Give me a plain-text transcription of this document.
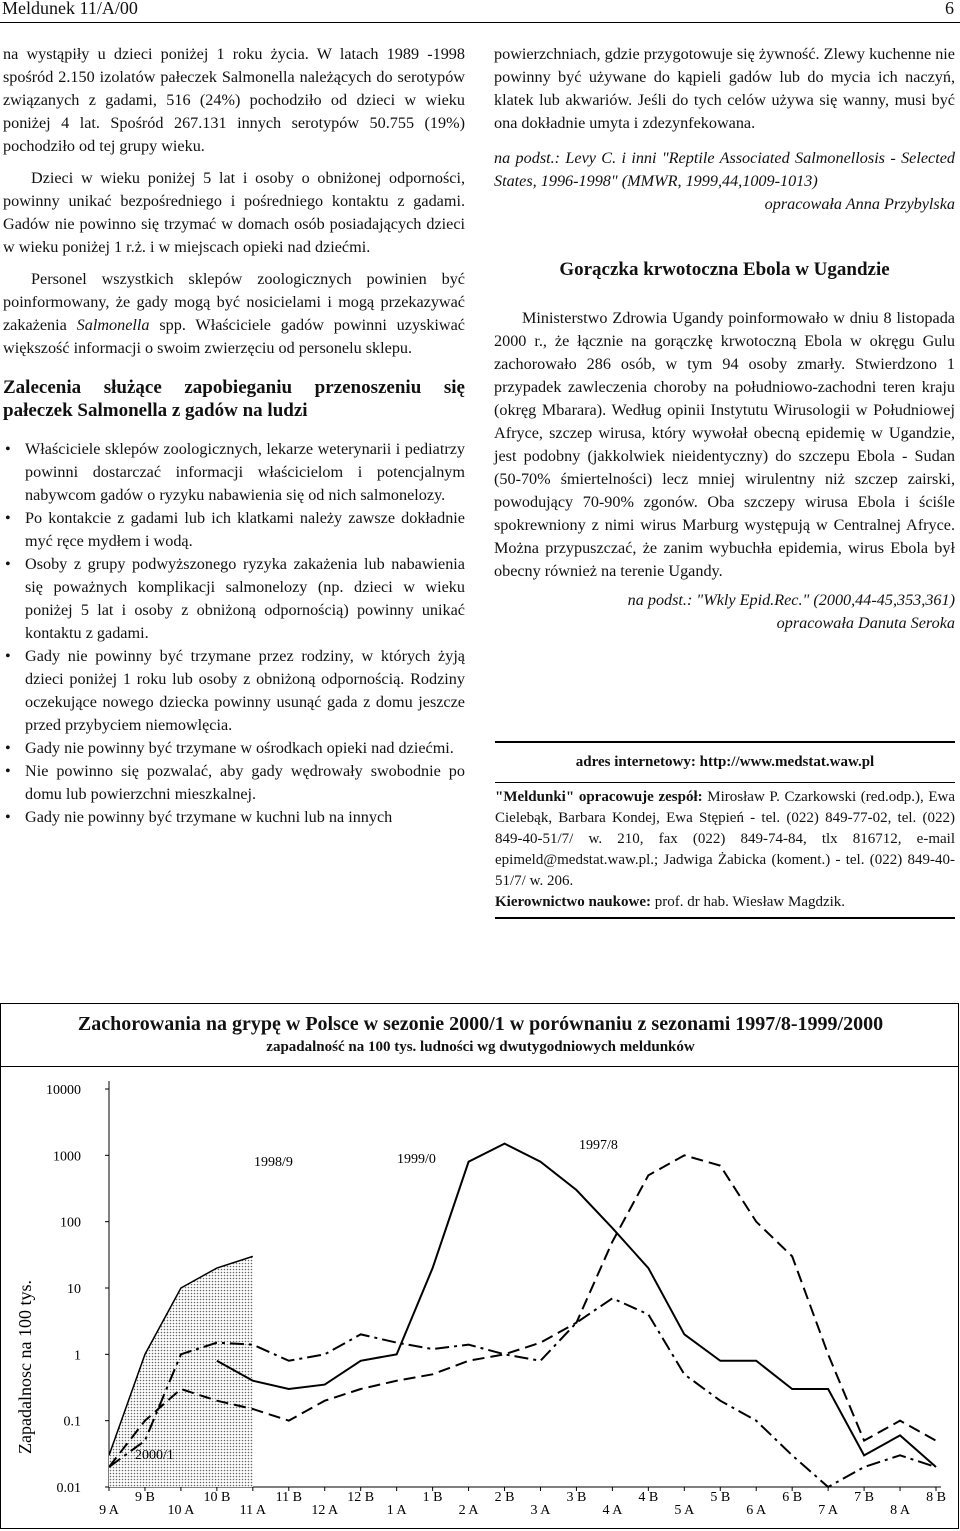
Meldunek 11/A/00	6

na wystąpiły u dzieci poniżej 1 roku życia. W latach 1989 -1998 spośród 2.150 izolatów pałeczek Salmonella należących do serotypów związanych z gadami, 516 (24%) pochodziło od dzieci w wieku poniżej 4 lat. Spośród 267.131 innych serotypów 50.755 (19%) pochodziło od tej grupy wieku.

Dzieci w wieku poniżej 5 lat i osoby o obniżonej odporności, powinny unikać bezpośredniego i pośredniego kontaktu z gadami. Gadów nie powinno się trzymać w domach osób posiadających dzieci w wieku poniżej 1 r.ż. i w miejscach opieki nad dziećmi.

Personel wszystkich sklepów zoologicznych powinien być poinformowany, że gady mogą być nosicielami i mogą przekazywać zakażenia Salmonella spp. Właściciele gadów powinni uzyskiwać większość informacji o swoim zwierzęciu od personelu sklepu.

Zalecenia służące zapobieganiu przenoszeniu się pałeczek Salmonella z gadów na ludzi

• Właściciele sklepów zoologicznych, lekarze weterynarii i pediatrzy powinni dostarczać informacji właścicielom i potencjalnym nabywcom gadów o ryzyku nabawienia się od nich salmonelozy.
• Po kontakcie z gadami lub ich klatkami należy zawsze dokładnie myć ręce mydłem i wodą.
• Osoby z grupy podwyższonego ryzyka zakażenia lub nabawienia się poważnych komplikacji salmonelozy (np. dzieci w wieku poniżej 5 lat i osoby z obniżoną odpornością) powinny unikać kontaktu z gadami.
• Gady nie powinny być trzymane przez rodziny, w których żyją dzieci poniżej 1 roku lub osoby z obniżoną odpornością. Rodziny oczekujące nowego dziecka powinny usunąć gada z domu jeszcze przed przybyciem niemowlęcia.
• Gady nie powinny być trzymane w ośrodkach opieki nad dziećmi.
• Nie powinno się pozwalać, aby gady wędrowały swobodnie po domu lub powierzchni mieszkalnej.
• Gady nie powinny być trzymane w kuchni lub na innych

powierzchniach, gdzie przygotowuje się żywność. Zlewy kuchenne nie powinny być używane do kąpieli gadów lub do mycia ich naczyń, klatek lub akwariów. Jeśli do tych celów używa się wanny, musi być ona dokładnie umyta i zdezynfekowana.

na podst.: Levy C. i inni "Reptile Associated Salmonellosis - Selected States, 1996-1998" (MMWR, 1999,44,1009-1013)

opracowała Anna Przybylska

Gorączka krwotoczna Ebola w Ugandzie

Ministerstwo Zdrowia Ugandy poinformowało w dniu 8 listopada 2000 r., że łącznie na gorączkę krwotoczną Ebola w okręgu Gulu zachorowało 286 osób, w tym 94 osoby zmarły. Stwierdzono 1 przypadek zawleczenia choroby na południowo-zachodni teren kraju (okręg Mbarara). Według opinii Instytutu Wirusologii w Południowej Afryce, szczep wirusa, który wywołał obecną epidemię w Ugandzie, jest podobny (jakkolwiek nieidentyczny) do szczepu Ebola - Sudan (50-70% śmiertelności) lecz mniej wirulentny niż szczep zairski, powodujący 70-90% zgonów. Oba szczepy wirusa Ebola i ściśle spokrewniony z nimi wirus Marburg występują w Centralnej Afryce. Można przypuszczać, że zanim wybuchła epidemia, wirus Ebola był obecny również na terenie Ugandy.

na podst.: "Wkly Epid.Rec." (2000,44-45,353,361)

opracowała Danuta Seroka

adres internetowy: http://www.medstat.waw.pl

"Meldunki" opracowuje zespół: Mirosław P. Czarkowski (red.odp.), Ewa Cielebąk, Barbara Kondej, Ewa Stępień - tel. (022) 849-77-02, tel. (022) 849-40-51/7/ w. 210, fax (022) 849-74-84, tlx 816712, e-mail epimeld@medstat.waw.pl.; Jadwiga Żabicka (koment.) - tel. (022) 849-40-51/7/ w. 206.

Kierownictwo naukowe: prof. dr hab. Wiesław Magdzik.

Zachorowania na grypę w Polsce w sezonie 2000/1 w porównaniu z sezonami 1997/8-1999/2000
zapadalność na 100 tys. ludności wg dwutygodniowych meldunków
10000
1000
100
10
1
0.1
0.01
Zapadalnosc na 100 tys.
9 A	10 A	11 A	12 A	1 A	2 A	3 A	4 A	5 A	6 A	7 A	8 A
9 B	10 B	11 B	12 B	1 B	2 B	3 B	4 B	5 B	6 B	7 B	8 B
2000/1
1998/9	1999/0
1997/8
